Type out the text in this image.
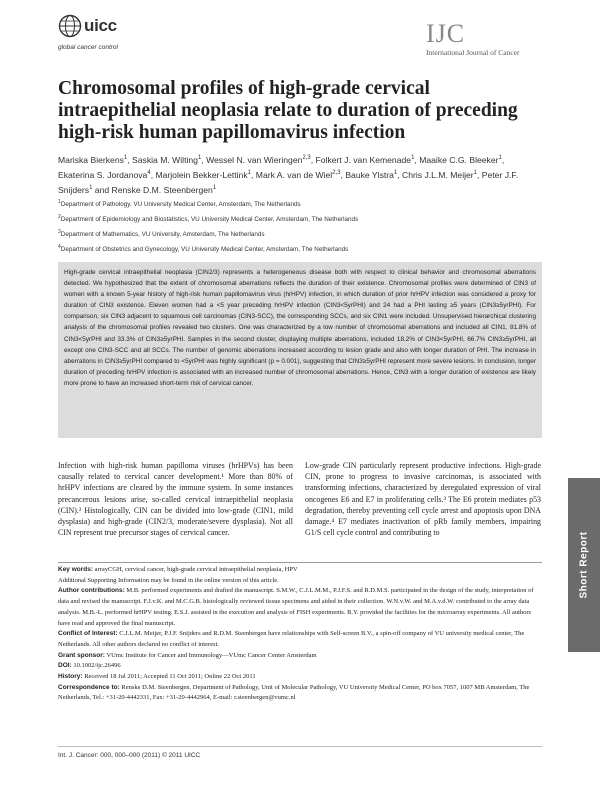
uicc
global cancer control	IJC
International Journal of Cancer
Chromosomal profiles of high-grade cervical intraepithelial neoplasia relate to duration of preceding high-risk human papillomavirus infection
Mariska Bierkens$^1$, Saskia M. Wilting$^1$, Wessel N. van Wieringen$^{2,3}$, Folkert J. van Kemenade$^1$, Maaike C.G. Bleeker$^1$, Ekaterina S. Jordanova$^4$, Marjolein Bekker-Lettink$^1$, Mark A. van de Wiel$^{2,3}$, Bauke Ylstra$^1$, Chris J.L.M. Meijer$^1$, Peter J.F. Snijders$^1$ and Renske D.M. Steenbergen$^1$
$^1$Department of Pathology, VU University Medical Center, Amsterdam, The Netherlands
$^2$Department of Epidemiology and Biostatistics, VU University Medical Center, Amsterdam, The Netherlands
$^3$Department of Mathematics, VU University, Amsterdam, The Netherlands
$^4$Department of Obstetrics and Gynecology, VU University Medical Center, Amsterdam, The Netherlands
High-grade cervical intraepithelial neoplasia (CIN2/3) represents a heterogeneous disease both with respect to clinical behavior and chromosomal aberrations detected. We hypothesized that the extent of chromosomal aberrations reflects the duration of their existence. Chromosomal profiles were determined of CIN3 of women with a known 5-year history of high-risk human papillomavirus virus (hrHPV) infection, in which duration of prior hrHPV infection was considered a proxy for duration of CIN3 existence. Eleven women had a <5 year preceding hrHPV infection (CIN3<5yrPHI) and 24 had a PHI lasting ≥5 years (CIN3≥5yrPHI). For comparison, six CIN3 adjacent to squamous cell carcinomas (CIN3-SCC), the corresponding SCCs, and six CIN1 were included. Unsupervised hierarchical clustering analysis of the chromosomal profiles revealed two clusters. One was characterized by a low number of chromosomal aberrations and included all CIN1, 81.8% of CIN3<5yrPHI and 33.3% of CIN3≥5yrPHI. Samples in the second cluster, displaying multiple aberrations, included 18.2% of CIN3<5yrPHI, 66.7% CIN3≥5yrPHI, all except one CIN3-SCC and all SCCs. The number of genomic aberrations increased according to lesion grade and also with longer duration of PHI. The increase in aberrations in CIN3≥5yrPHI compared to <5yrPHI was highly significant (p = 0.001), suggesting that CIN3≥5yrPHI represent more severe lesions. In conclusion, longer duration of preceding hrHPV infection is associated with an increased number of chromosomal aberrations. Hence, CIN3 with a longer duration of existence are likely more prone to have an increased short-term risk of cervical cancer.
Infection with high-risk human papilloma viruses (hrHPVs) has been causally related to cervical cancer development.¹ More than 80% of hrHPV infections are cleared by the immune system. In some instances precancerous lesions arise, so-called cervical intraepithelial neoplasia (CIN).² Histologically, CIN can be divided into low-grade (CIN1, mild dysplasia) and high-grade (CIN2/3, moderate/severe dysplasia). Not all CIN represent true precursor stages of cervical cancer.
Low-grade CIN particularly represent productive infections. High-grade CIN, prone to progress to invasive carcinomas, is associated with transforming infections, characterized by deregulated expression of viral oncogenes E6 and E7 in proliferating cells.³ The E6 protein mediates p53 degradation, thereby preventing cell cycle arrest and apoptosis upon DNA damage.⁴ E7 mediates inactivation of pRb family members, impairing G1/S cell cycle control and contributing to

Key words: arrayCGH, cervical cancer, high-grade cervical intraepithelial neoplasia, HPV

Additional Supporting Information may be found in the online version of this article.

Author contributions: M.B. performed experiments and drafted the manuscript. S.M.W., C.J.L.M.M., P.J.F.S. and R.D.M.S. participated in the design of the study, interpretation of data and revised the manuscript. F.J.v.K. and M.C.G.B. histologically reviewed tissue specimens and aided in their collection. W.N.v.W. and M.A.v.d.W. contributed to the array data analysis. M.B.-L. performed hrHPV testing. E.S.J. assisted in the execution and analysis of FISH experiments. B.Y. provided the facilities for the microarray experiments. All authors have read and approved the final manuscript.

Conflict of Interest: C.J.L.M. Meijer, P.J.F. Snijders and R.D.M. Steenbergen have relationships with Self-screen B.V., a spin-off company of VU university medical center, The Netherlands. All other authors declared no conflict of interest.

Grant sponsor: VUmc Institute for Cancer and Immunology—VUmc Cancer Center Amsterdam

DOI: 10.1002/ijc.26496

History: Received 18 Jul 2011; Accepted 11 Oct 2011; Online 22 Oct 2011

Correspondence to: Renske D.M. Steenbergen, Department of Pathology, Unit of Molecular Pathology, VU University Medical Center, PO box 7057, 1007 MB Amsterdam, The Netherlands, Tel.: +31-20-4442331, Fax: +31-20-4442964, E-mail: r.steenbergen@vumc.nl

Int. J. Cancer: 000, 000–000 (2011) © 2011 UICC
Short Report
